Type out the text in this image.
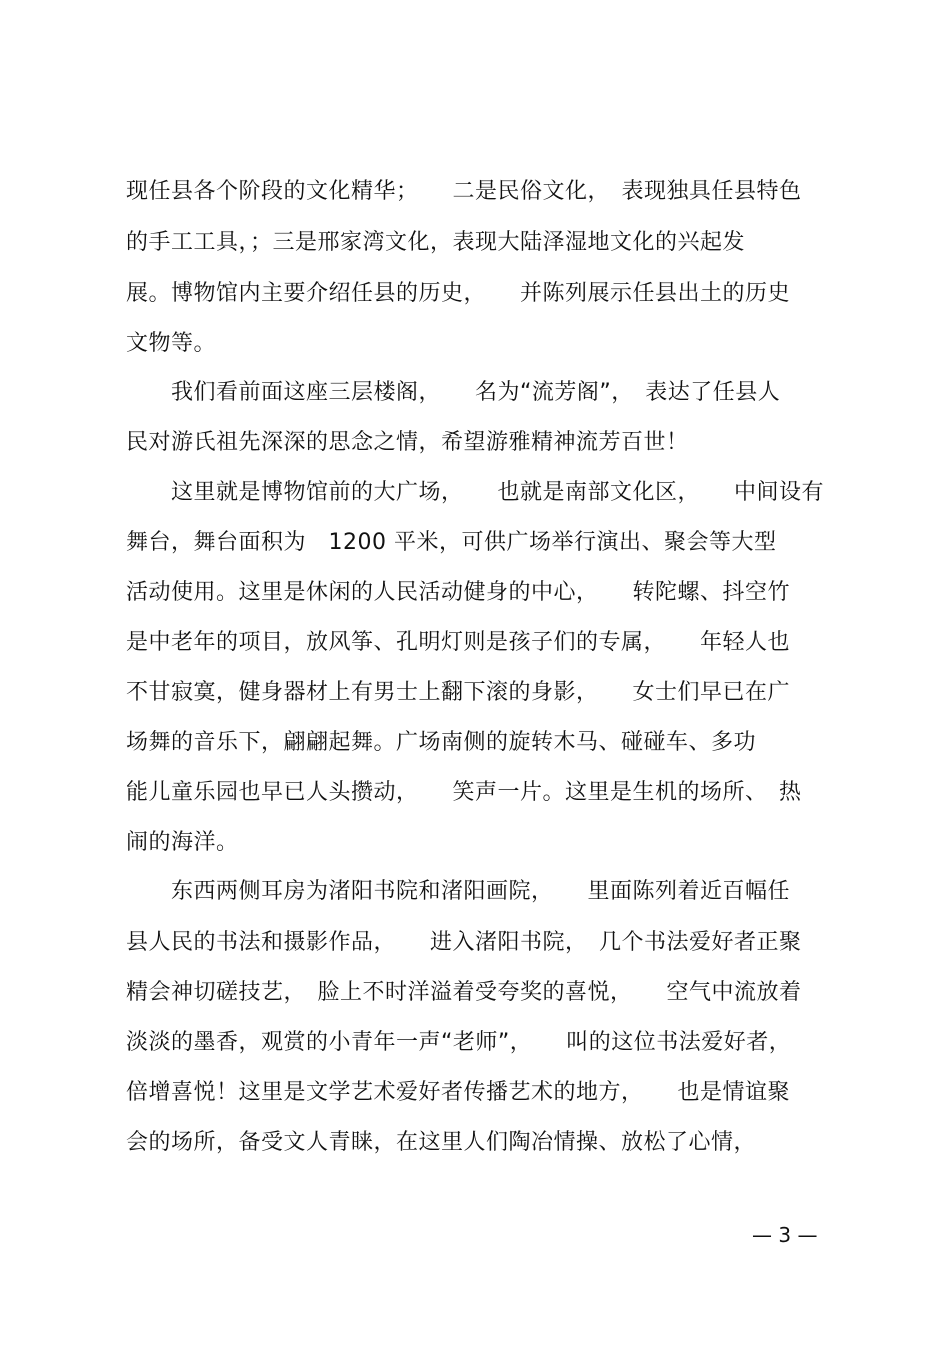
现任县各个阶段的文化精华；　　二是民俗文化，　表现独具任县特色
的手工工具，；三是邢家湾文化，表现大陆泽湿地文化的兴起发
展。博物馆内主要介绍任县的历史，　　并陈列展示任县出土的历史
文物等。
　　我们看前面这座三层楼阁，　　名为“流芳阁”，　表达了任县人
民对游氏祖先深深的思念之情，希望游雅精神流芳百世！
　　这里就是博物馆前的大广场，　　也就是南部文化区，　　中间设有
舞台，舞台面积为　1200 平米，可供广场举行演出、聚会等大型
活动使用。这里是休闲的人民活动健身的中心，　　转陀螺、抖空竹
是中老年的项目，放风筝、孔明灯则是孩子们的专属，　　年轻人也
不甘寂寞，健身器材上有男士上翻下滚的身影，　　女士们早已在广
场舞的音乐下，翩翩起舞。广场南侧的旋转木马、碰碰车、多功
能儿童乐园也早已人头攒动，　　笑声一片。这里是生机的场所、　热
闹的海洋。
　　东西两侧耳房为渚阳书院和渚阳画院，　　里面陈列着近百幅任
县人民的书法和摄影作品，　　进入渚阳书院，　几个书法爱好者正聚
精会神切磋技艺，　脸上不时洋溢着受夸奖的喜悦，　　空气中流放着
淡淡的墨香，观赏的小青年一声“老师”，　　叫的这位书法爱好者，
倍增喜悦！这里是文学艺术爱好者传播艺术的地方，　　也是情谊聚
会的场所，备受文人青睐，在这里人们陶冶情操、放松了心情，
— 3 —
